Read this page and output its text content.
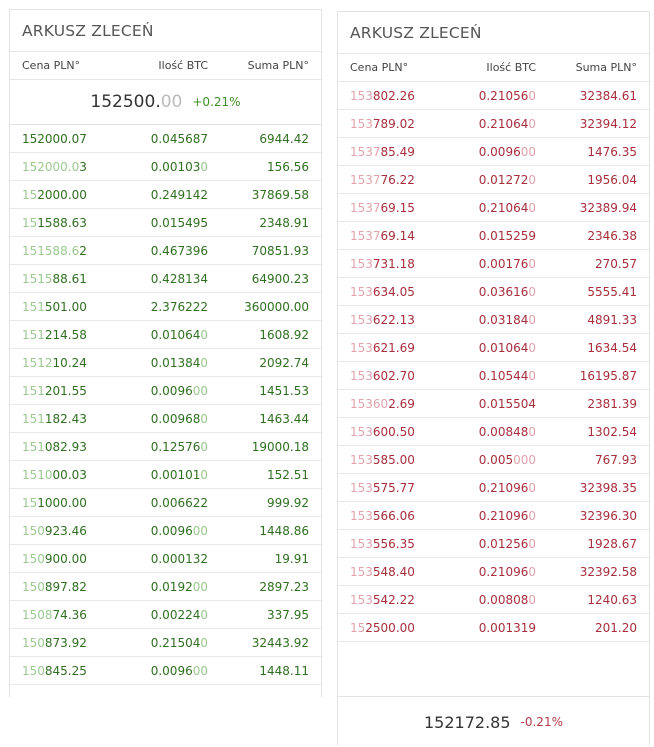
ARKUSZ ZLECEŃ
Cena PLN°	Ilość BTC	Suma PLN°
152500.00 +0.21%
152000.07	0.045687	6944.42
152000.03	0.001030	156.56
152000.00	0.249142	37869.58
151588.63	0.015495	2348.91
151588.62	0.467396	70851.93
151588.61	0.428134	64900.23
151501.00	2.376222	360000.00
151214.58	0.010640	1608.92
151210.24	0.013840	2092.74
151201.55	0.009600	1451.53
151182.43	0.009680	1463.44
151082.93	0.125760	19000.18
151000.03	0.001010	152.51
151000.00	0.006622	999.92
150923.46	0.009600	1448.86
150900.00	0.000132	19.91
150897.82	0.019200	2897.23
150874.36	0.002240	337.95
150873.92	0.215040	32443.92
150845.25	0.009600	1448.11
ARKUSZ ZLECEŃ
Cena PLN°	Ilość BTC	Suma PLN°
153802.26	0.210560	32384.61
153789.02	0.210640	32394.12
153785.49	0.009600	1476.35
153776.22	0.012720	1956.04
153769.15	0.210640	32389.94
153769.14	0.015259	2346.38
153731.18	0.001760	270.57
153634.05	0.036160	5555.41
153622.13	0.031840	4891.33
153621.69	0.010640	1634.54
153602.70	0.105440	16195.87
153602.69	0.015504	2381.39
153600.50	0.008480	1302.54
153585.00	0.005000	767.93
153575.77	0.210960	32398.35
153566.06	0.210960	32396.30
153556.35	0.012560	1928.67
153548.40	0.210960	32392.58
153542.22	0.008080	1240.63
152500.00	0.001319	201.20
152172.85 -0.21%
